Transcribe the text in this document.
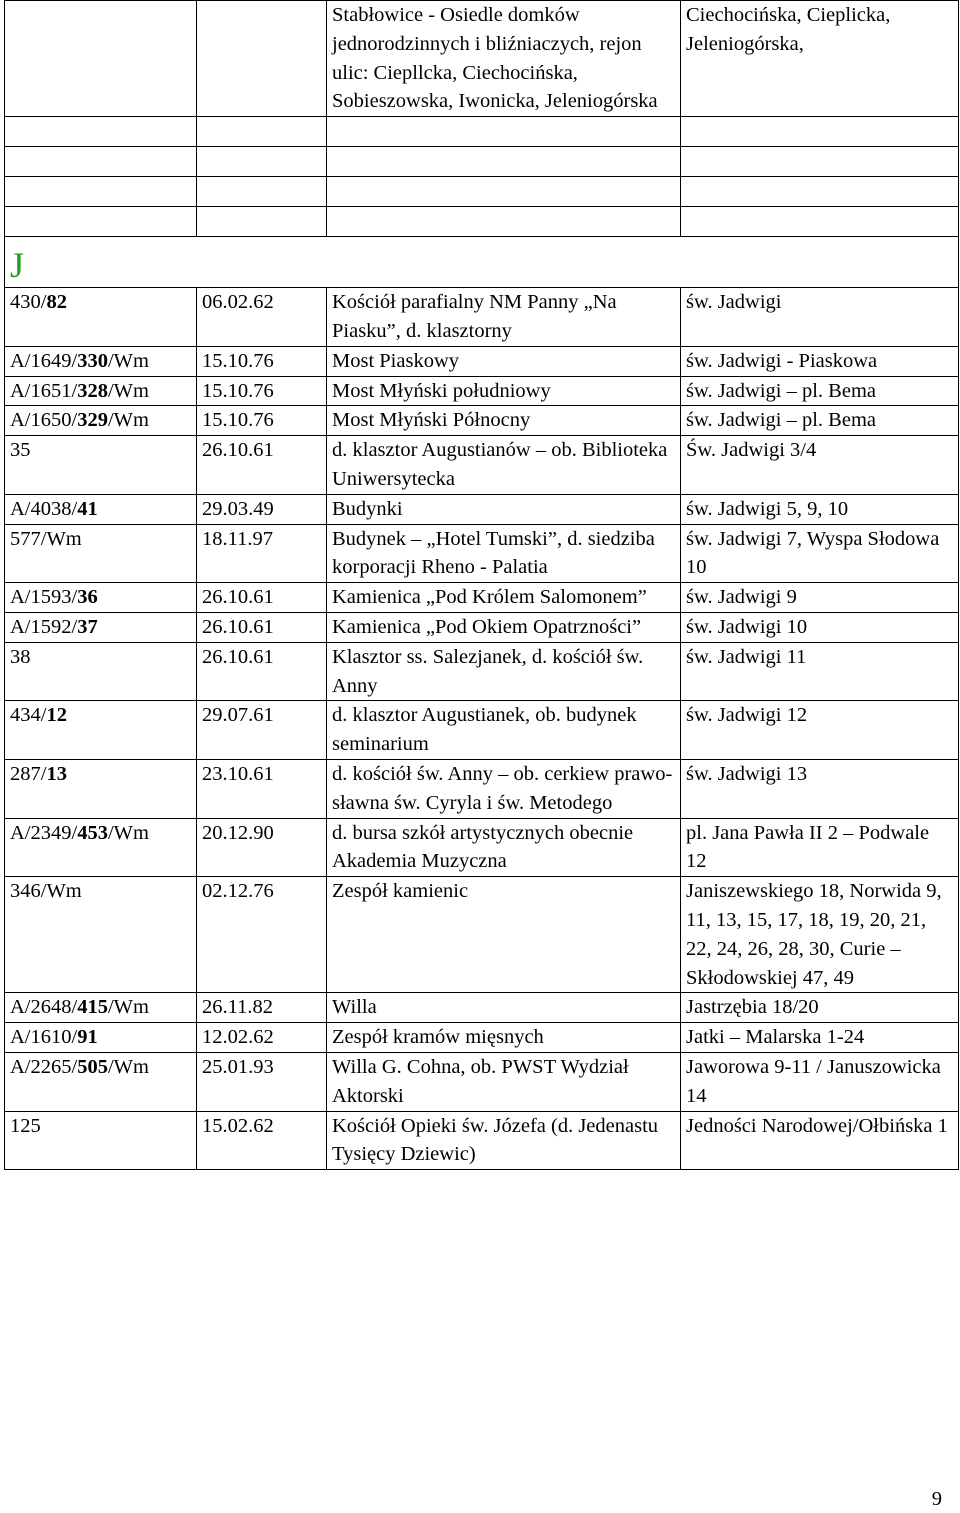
		Stabłowice - Osiedle domków jednorodzinnych i bliźniaczych, rejon ulic: Ciepllcka, Ciechocińska, Sobieszowska, Iwonicka, Jeleniogórska	Ciechocińska, Cieplicka, Jeleniogórska,

J			

430/82	06.02.62	Kościół parafialny NM Panny „Na Piasku”, d. klasztorny	św. Jadwigi
A/1649/330/Wm	15.10.76	Most Piaskowy	św. Jadwigi - Piaskowa
A/1651/328/Wm	15.10.76	Most Młyński południowy	św. Jadwigi – pl. Bema
A/1650/329/Wm	15.10.76	Most Młyński Północny	św. Jadwigi – pl. Bema
35	26.10.61	d. klasztor Augustianów – ob. Biblioteka Uniwersytecka	Św. Jadwigi 3/4
A/4038/41	29.03.49	Budynki	św. Jadwigi 5, 9, 10
577/Wm	18.11.97	Budynek – „Hotel Tumski”, d. siedziba korporacji Rheno - Palatia	św. Jadwigi 7, Wyspa Słodowa 10
A/1593/36	26.10.61	Kamienica „Pod Królem Salomonem”	św. Jadwigi 9
A/1592/37	26.10.61	Kamienica „Pod Okiem Opatrzności”	św. Jadwigi 10
38	26.10.61	Klasztor ss. Salezjanek, d. kościół św. Anny	św. Jadwigi 11
434/12	29.07.61	d. klasztor Augustianek, ob. budynek seminarium	św. Jadwigi 12
287/13	23.10.61	d. kościół św. Anny – ob. cerkiew prawo-sławna św. Cyryla i św. Metodego	św. Jadwigi 13
A/2349/453/Wm	20.12.90	d. bursa szkół artystycznych obecnie Akademia Muzyczna	pl. Jana Pawła II 2 – Podwale 12
346/Wm	02.12.76	Zespół kamienic	Janiszewskiego 18, Norwida 9, 11, 13, 15, 17, 18, 19, 20, 21, 22, 24, 26, 28, 30, Curie – Skłodowskiej 47, 49
A/2648/415/Wm	26.11.82	Willa	Jastrzębia 18/20
A/1610/91	12.02.62	Zespół kramów mięsnych	Jatki – Malarska 1-24
A/2265/505/Wm	25.01.93	Willa G. Cohna, ob. PWST Wydział Aktorski	Jaworowa 9-11 / Januszowicka 14
125	15.02.62	Kościół Opieki św. Józefa (d. Jedenastu Tysięcy Dziewic)	Jedności Narodowej/Ołbińska 1
9
